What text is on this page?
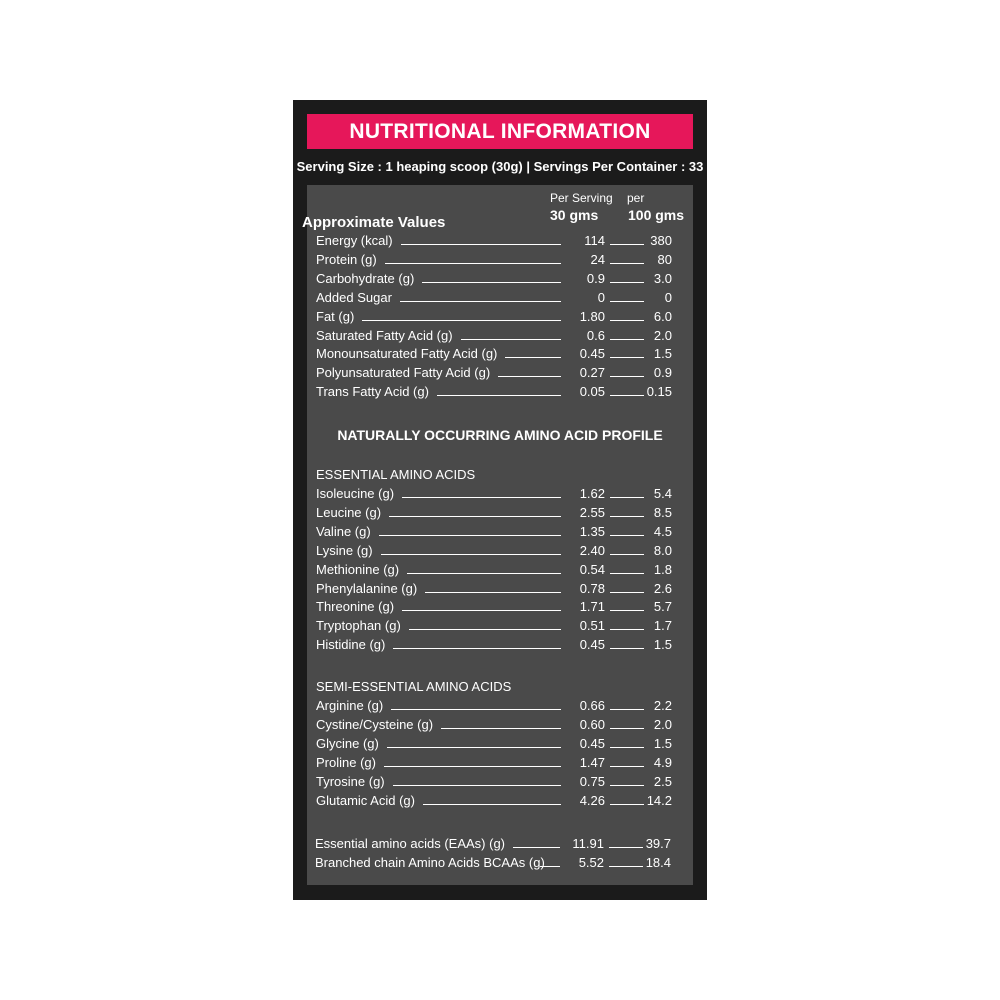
NUTRITIONAL INFORMATION
Serving Size : 1 heaping scoop (30g) | Servings Per Container : 33
Approximate Values
Per Serving per
30 gms 100 gms
Energy (kcal)	114	380
Protein (g)	24	80
Carbohydrate (g)	0.9	3.0
Added Sugar	0	0
Fat (g)	1.80	6.0
Saturated Fatty Acid (g)	0.6	2.0
Monounsaturated Fatty Acid (g)	0.45	1.5
Polyunsaturated Fatty Acid (g)	0.27	0.9
Trans Fatty Acid (g)	0.05	0.15
NATURALLY OCCURRING AMINO ACID PROFILE
ESSENTIAL AMINO ACIDS
Isoleucine (g)	1.62	5.4
Leucine (g)	2.55	8.5
Valine (g)	1.35	4.5
Lysine (g)	2.40	8.0
Methionine (g)	0.54	1.8
Phenylalanine (g)	0.78	2.6
Threonine (g)	1.71	5.7
Tryptophan (g)	0.51	1.7
Histidine (g)	0.45	1.5
SEMI-ESSENTIAL AMINO ACIDS
Arginine (g)	0.66	2.2
Cystine/Cysteine (g)	0.60	2.0
Glycine (g)	0.45	1.5
Proline (g)	1.47	4.9
Tyrosine (g)	0.75	2.5
Glutamic Acid (g)	4.26	14.2
Essential amino acids (EAAs) (g)	11.91	39.7
Branched chain Amino Acids BCAAs (g)	5.52	18.4
